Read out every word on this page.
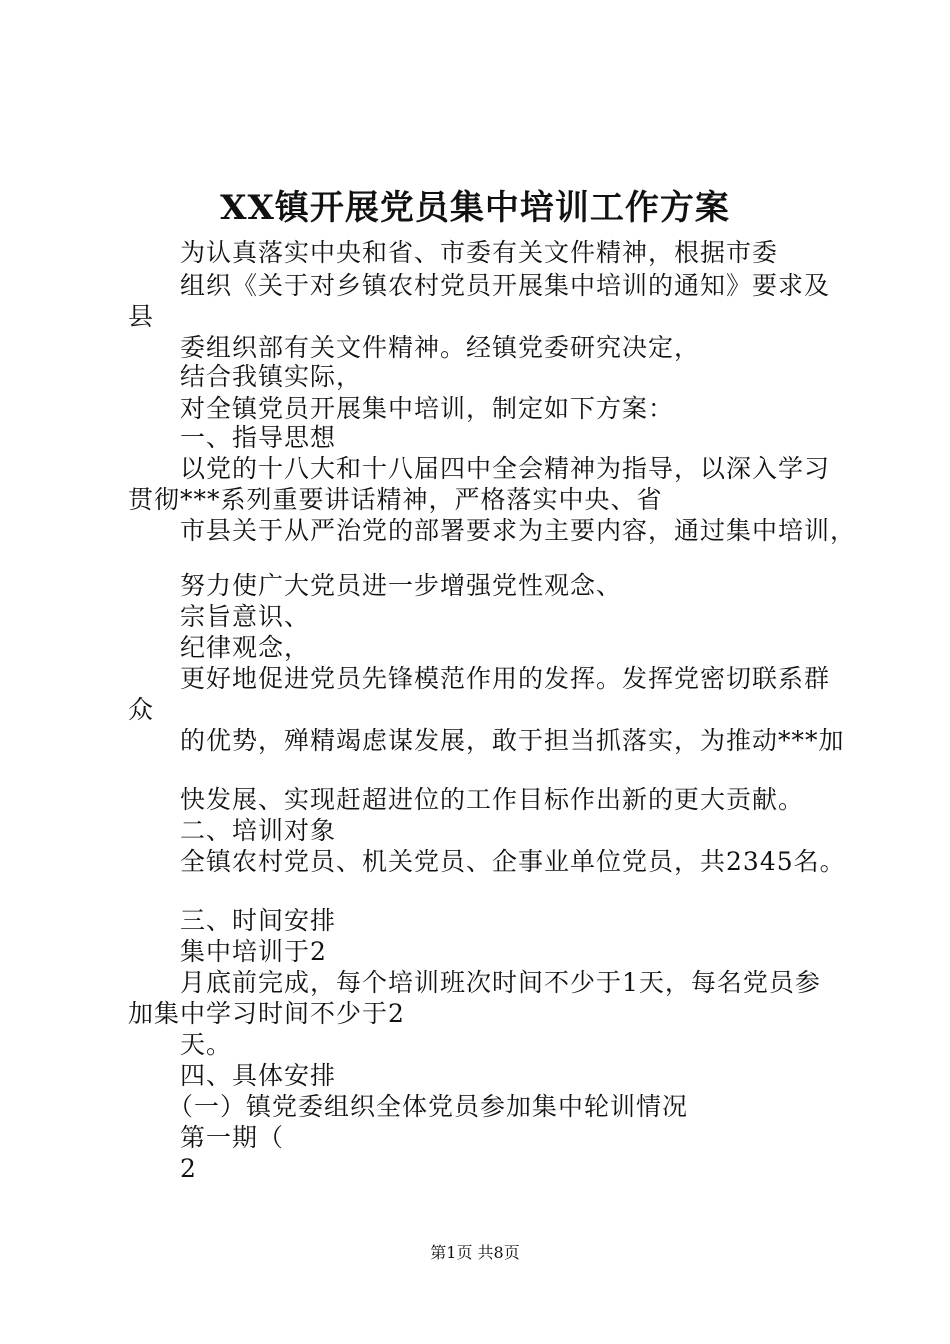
XX镇开展党员集中培训工作方案
为认真落实中央和省、市委有关文件精神，根据市委
组织《关于对乡镇农村党员开展集中培训的通知》要求及
县
委组织部有关文件精神。经镇党委研究决定，
结合我镇实际，
对全镇党员开展集中培训，制定如下方案：
一、指导思想
以党的十八大和十八届四中全会精神为指导，以深入学习
贯彻***系列重要讲话精神，严格落实中央、省
市县关于从严治党的部署要求为主要内容，通过集中培训，
努力使广大党员进一步增强党性观念、
宗旨意识、
纪律观念，
更好地促进党员先锋模范作用的发挥。发挥党密切联系群
众
的优势，殚精竭虑谋发展，敢于担当抓落实，为推动***加
快发展、实现赶超进位的工作目标作出新的更大贡献。
二、培训对象
全镇农村党员、机关党员、企事业单位党员，共2345名。
三、时间安排
集中培训于2
月底前完成，每个培训班次时间不少于1天，每名党员参
加集中学习时间不少于2
天。
四、具体安排
（一）镇党委组织全体党员参加集中轮训情况
第一期（
2
第1页 共8页
